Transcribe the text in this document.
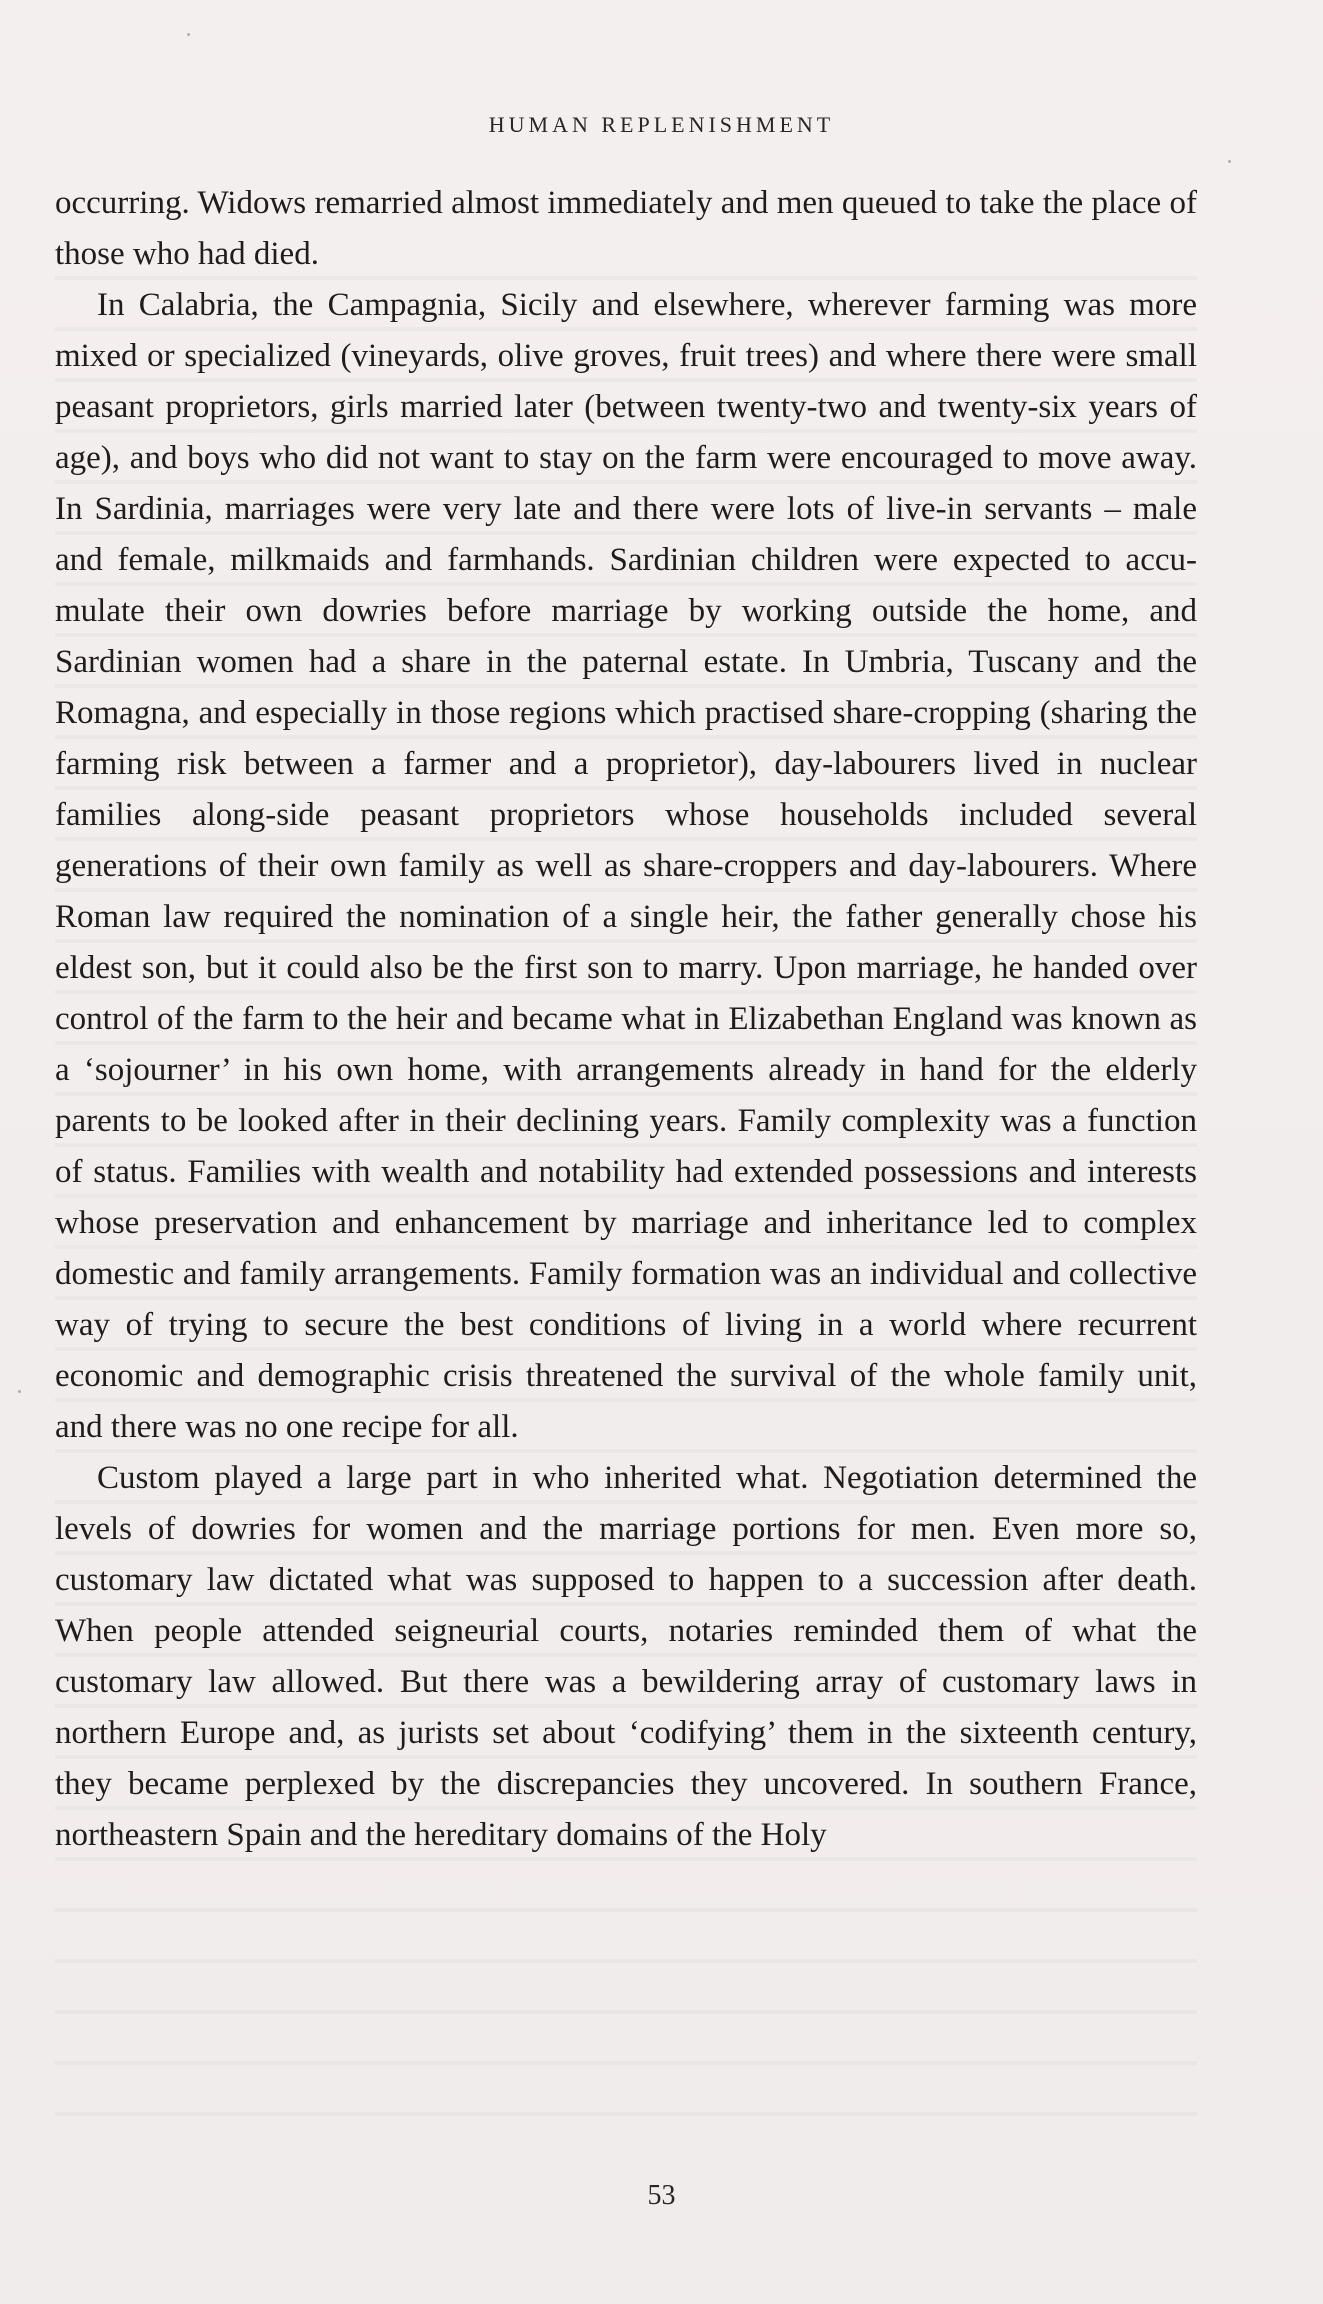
HUMAN REPLENISHMENT

occurring. Widows remarried almost immediately and men queued to take the place of those who had died.

In Calabria, the Campagnia, Sicily and elsewhere, wherever farming was more mixed or specialized (vineyards, olive groves, fruit trees) and where there were small peasant proprietors, girls married later (between twenty-two and twenty-six years of age), and boys who did not want to stay on the farm were encouraged to move away. In Sardinia, marriages were very late and there were lots of live-in servants – male and female, milkmaids and farmhands. Sardinian children were expected to accu-mulate their own dowries before marriage by working outside the home, and Sardinian women had a share in the paternal estate. In Umbria, Tuscany and the Romagna, and especially in those regions which practised share-cropping (sharing the farming risk between a farmer and a proprietor), day-labourers lived in nuclear families along-side peasant proprietors whose households included several generations of their own family as well as share-croppers and day-labourers. Where Roman law required the nomination of a single heir, the father generally chose his eldest son, but it could also be the first son to marry. Upon marriage, he handed over control of the farm to the heir and became what in Elizabethan England was known as a ‘sojourner’ in his own home, with arrangements already in hand for the elderly parents to be looked after in their declining years. Family complexity was a function of status. Families with wealth and notability had extended possessions and interests whose preservation and enhancement by marriage and inheritance led to complex domestic and family arrangements. Family formation was an individual and collective way of trying to secure the best conditions of living in a world where recurrent economic and demographic crisis threatened the survival of the whole family unit, and there was no one recipe for all.

Custom played a large part in who inherited what. Negotiation determined the levels of dowries for women and the marriage portions for men. Even more so, customary law dictated what was supposed to happen to a succession after death. When people attended seigneurial courts, notaries reminded them of what the customary law allowed. But there was a bewildering array of customary laws in northern Europe and, as jurists set about ‘codifying’ them in the sixteenth century, they became perplexed by the discrepancies they uncovered. In southern France, northeastern Spain and the hereditary domains of the Holy

53
